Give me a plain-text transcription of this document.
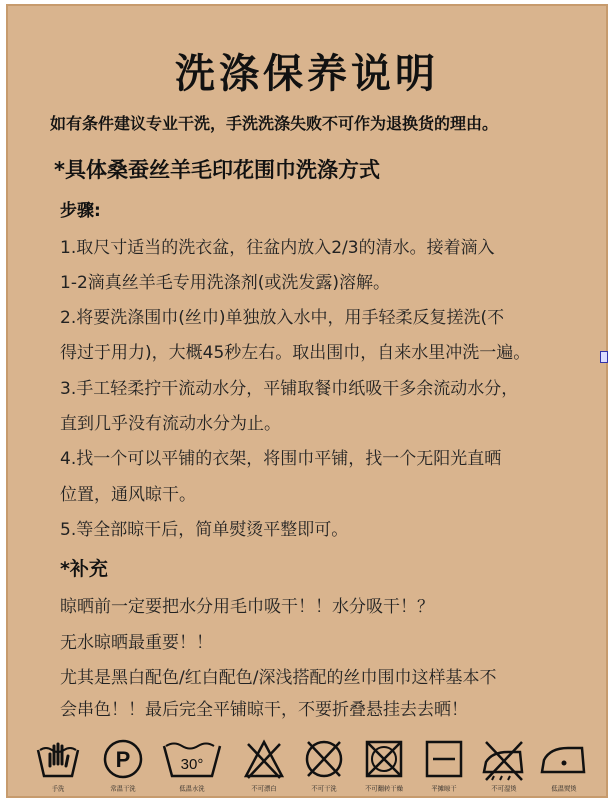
洗涤保养说明
如有条件建议专业干洗，手洗洗涤失败不可作为退换货的理由。
*具体桑蚕丝羊毛印花围巾洗涤方式
步骤:
1.取尺寸适当的洗衣盆，往盆内放入2/3的清水。接着滴入
1-2滴真丝羊毛专用洗涤剂(或洗发露)溶解。
2.将要洗涤围巾(丝巾)单独放入水中，用手轻柔反复搓洗(不
得过于用力)，大概45秒左右。取出围巾，自来水里冲洗一遍。
3.手工轻柔拧干流动水分，平铺取餐巾纸吸干多余流动水分，
直到几乎没有流动水分为止。
4.找一个可以平铺的衣架，将围巾平铺，找一个无阳光直晒
位置，通风晾干。
5.等全部晾干后，简单熨烫平整即可。
*补充
晾晒前一定要把水分用毛巾吸干！！水分吸干！？
无水晾晒最重要！！
尤其是黑白配色/红白配色/深浅搭配的丝巾围巾这样基本不
会串色！！最后完全平铺晾干，不要折叠悬挂去去晒！
手洗
P
常温干洗
30°
低温水洗	不可漂白	不可干洗	不可翻转干燥	平摊晾干	不可湿烫	低温熨烫
